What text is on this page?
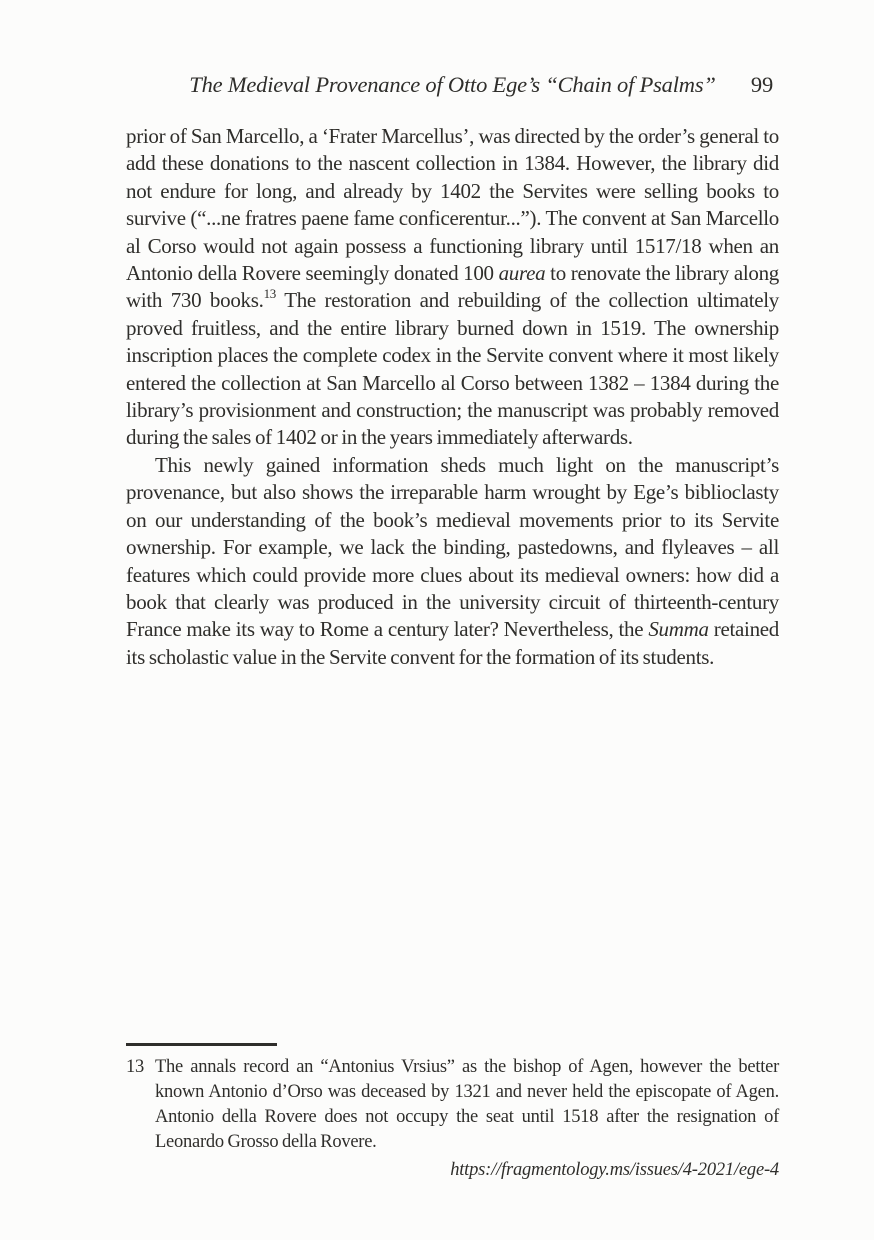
The Medieval Provenance of Otto Ege’s “Chain of Psalms” 99

prior of San Marcello, a ‘Frater Marcellus’, was directed by the order’s general to add these donations to the nascent collection in 1384. However, the library did not endure for long, and already by 1402 the Servites were selling books to survive (“...ne fratres paene fame conficerentur...”). The convent at San Marcello al Corso would not again possess a functioning library until 1517/18 when an Antonio della Rovere seemingly donated 100 aurea to renovate the library along with 730 books.$^{13}$ The restoration and rebuilding of the collection ultimately proved fruitless, and the entire library burned down in 1519. The ownership inscription places the complete codex in the Servite convent where it most likely entered the collection at San Marcello al Corso between 1382 – 1384 during the library’s provisionment and construction; the manuscript was probably removed during the sales of 1402 or in the years immediately afterwards.

This newly gained information sheds much light on the manuscript’s provenance, but also shows the irreparable harm wrought by Ege’s biblioclasty on our understanding of the book’s medieval movements prior to its Servite ownership. For example, we lack the binding, pastedowns, and flyleaves – all features which could provide more clues about its medieval owners: how did a book that clearly was produced in the university circuit of thirteenth-century France make its way to Rome a century later? Nevertheless, the Summa retained its scholastic value in the Servite convent for the formation of its students.

13 The annals record an “Antonius Vrsius” as the bishop of Agen, however the better known Antonio d’Orso was deceased by 1321 and never held the episcopate of Agen. Antonio della Rovere does not occupy the seat until 1518 after the resignation of Leonardo Grosso della Rovere.
https://fragmentology.ms/issues/4-2021/ege-4
